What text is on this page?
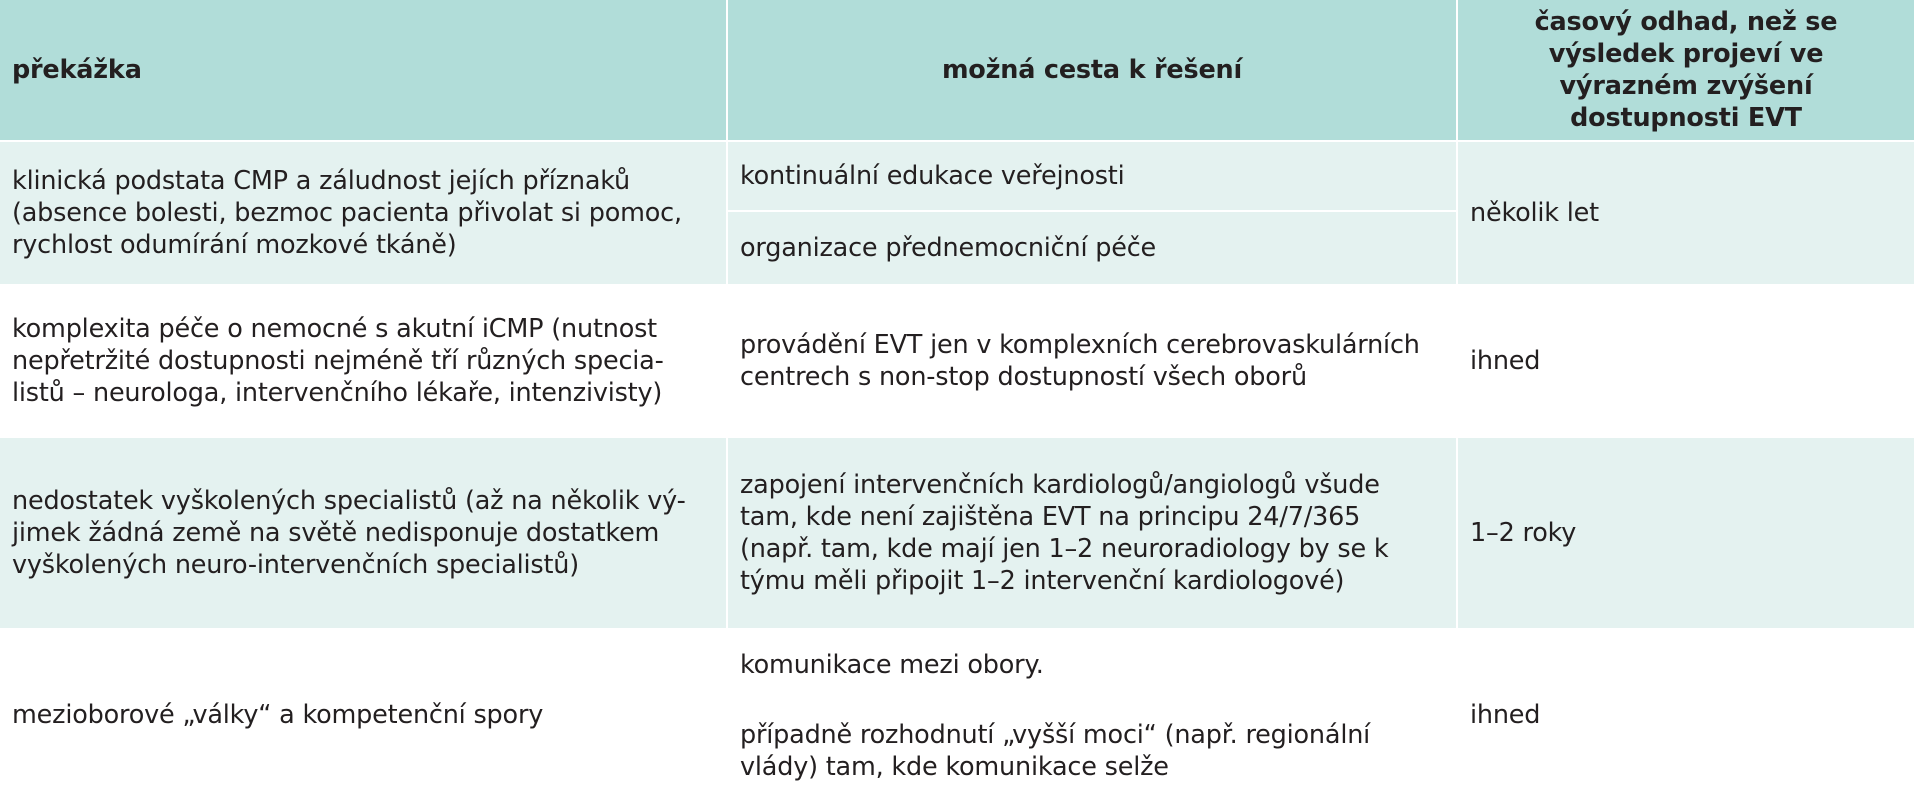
překážka	možná cesta k řešení
časový odhad, než se výsledek projeví ve výrazném zvýšení dostupnosti EVT
klinická podstata CMP a záludnost jejích příznaků (absence bolesti, bezmoc pacienta přivolat si pomoc, rychlost odumírání mozkové tkáně)
kontinuální edukace veřejnosti
organizace přednemocniční péče
několik let
komplexita péče o nemocné s akutní iCMP (nutnost nepřetržité dostupnosti nejméně tří různých specia-listů – neurologa, intervenčního lékaře, intenzivisty)
provádění EVT jen v komplexních cerebrovaskulárních centrech s non-stop dostupností všech oborů
ihned
nedostatek vyškolených specialistů (až na několik vý-jimek žádná země na světě nedisponuje dostatkem vyškolených neuro-intervenčních specialistů)
zapojení intervenčních kardiologů/angiologů všude tam, kde není zajištěna EVT na principu 24/7/365 (např. tam, kde mají jen 1–2 neuroradiology by se k týmu měli připojit 1–2 intervenční kardiologové)
1–2 roky
mezioborové „války“ a kompetenční spory
komunikace mezi obory.
případně rozhodnutí „vyšší moci“ (např. regionální vlády) tam, kde komunikace selže
ihned
